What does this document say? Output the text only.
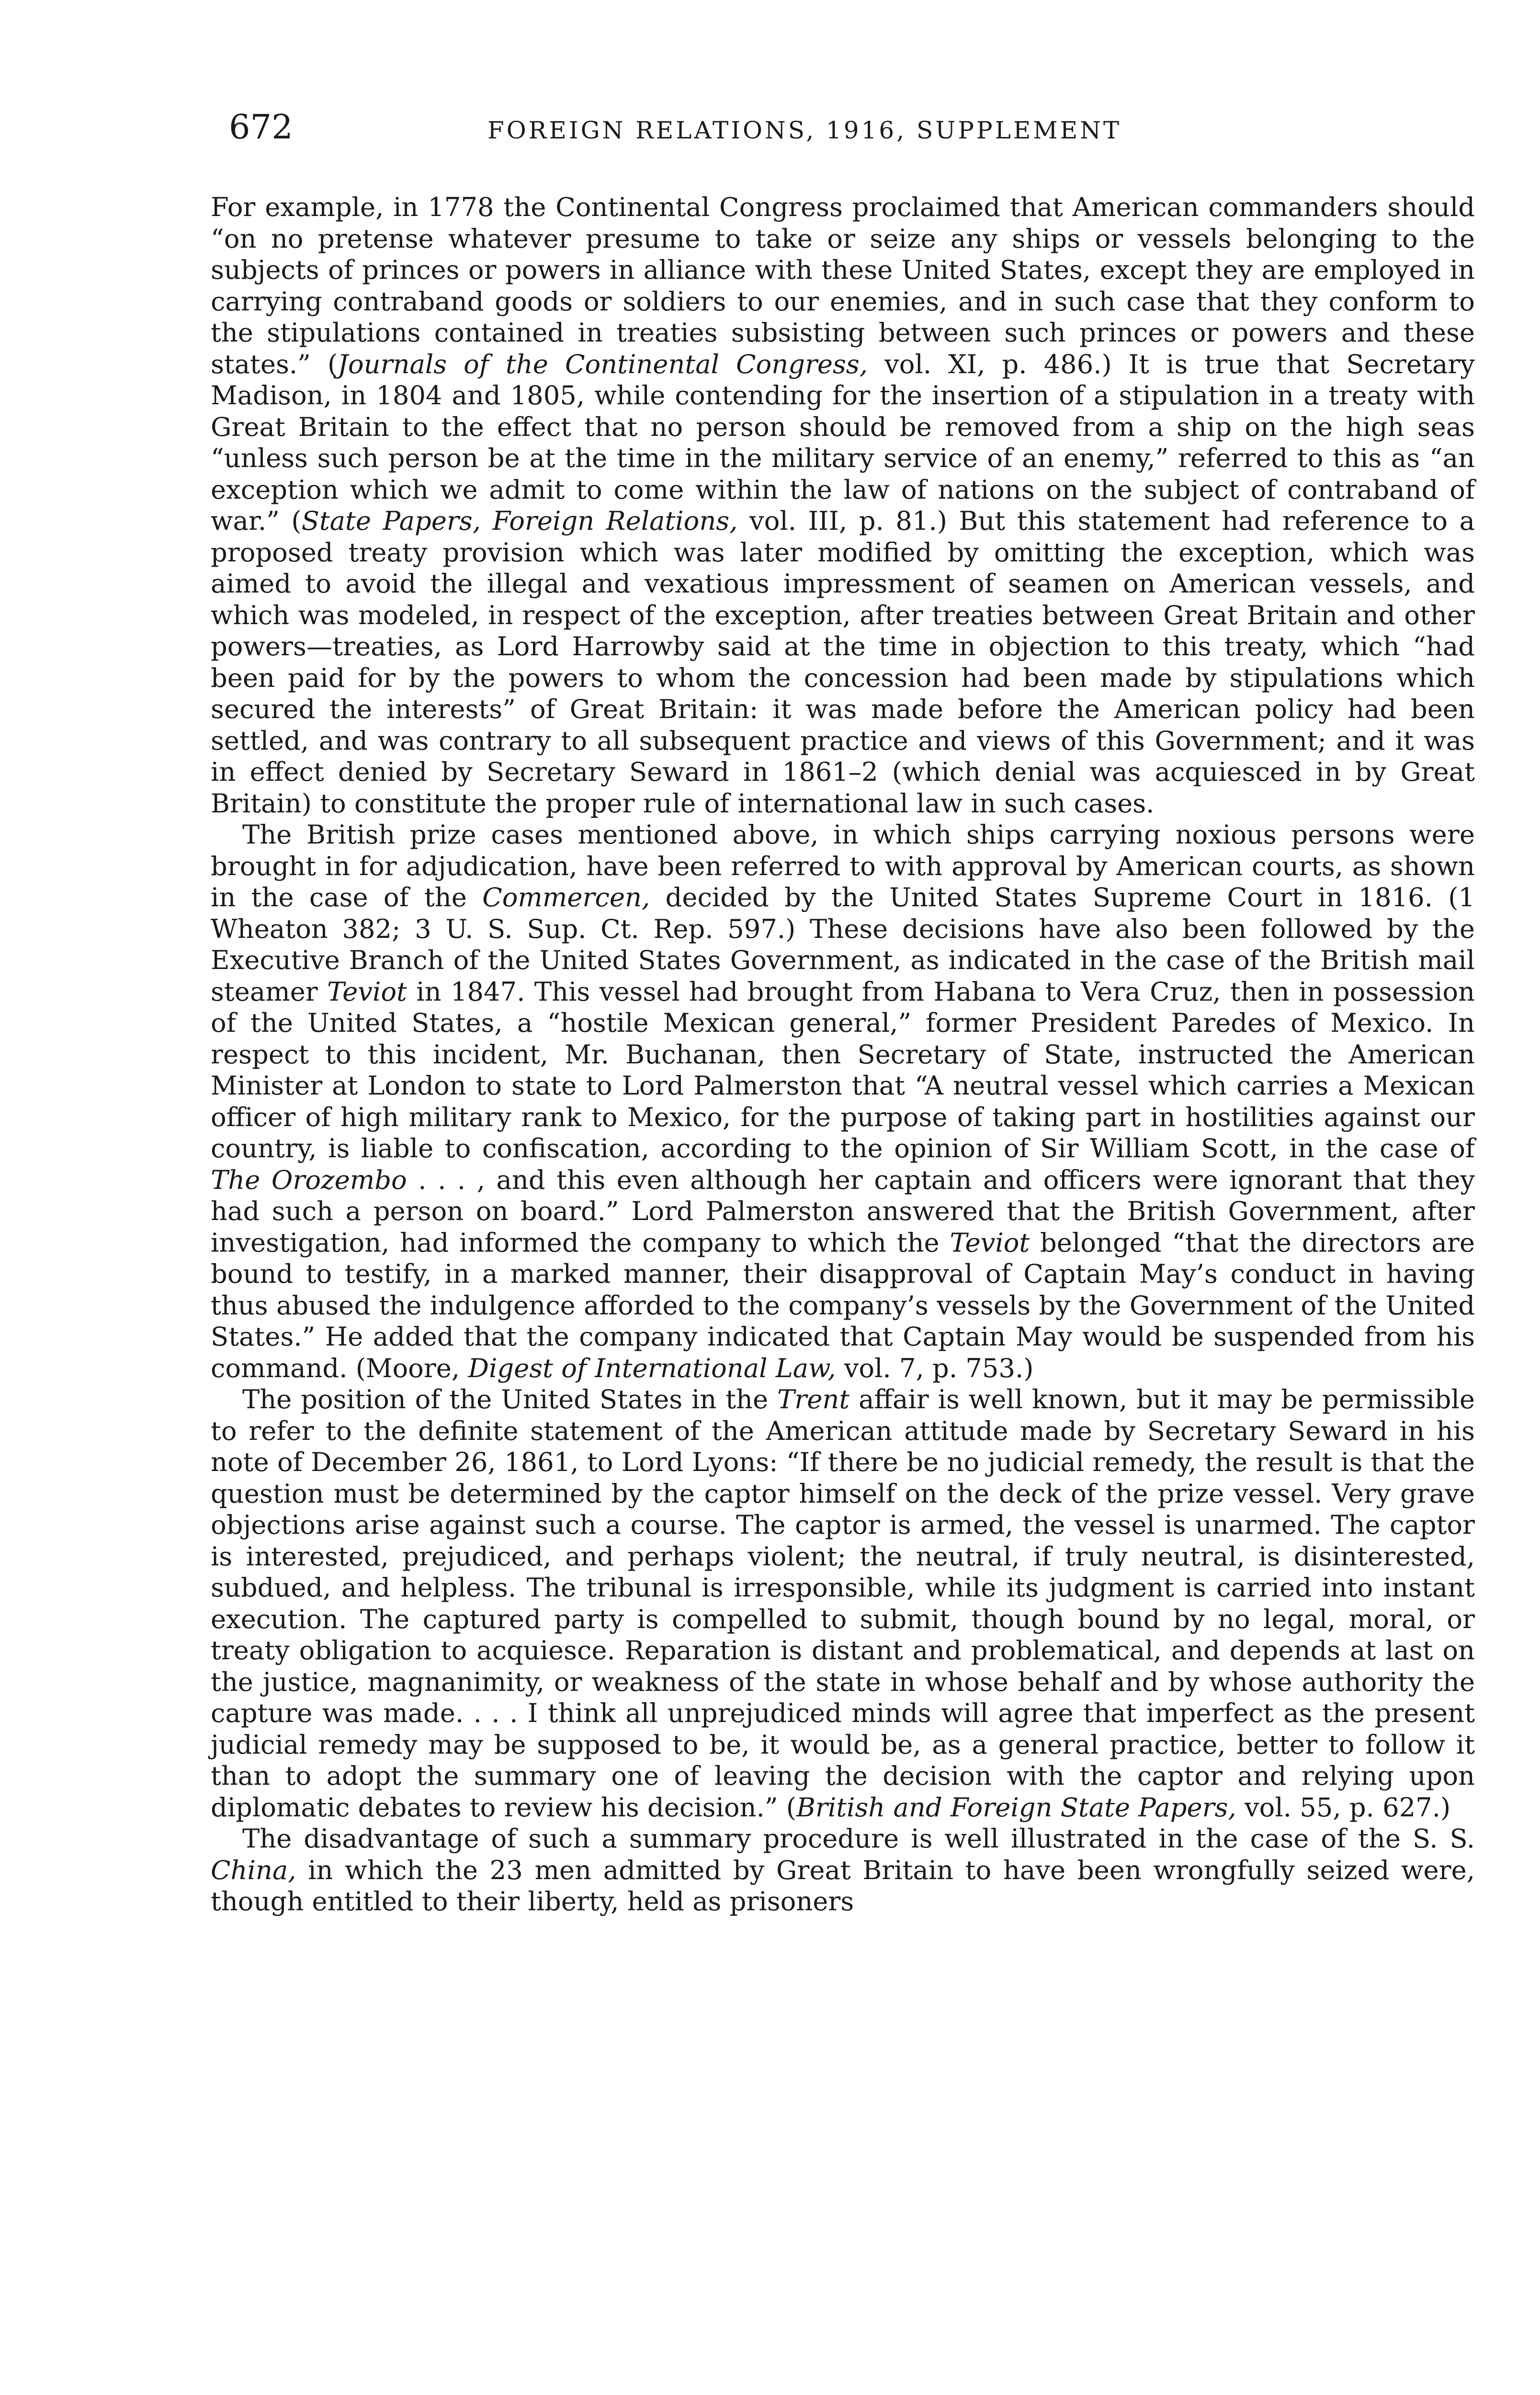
672	FOREIGN RELATIONS, 1916, SUPPLEMENT

For example, in 1778 the Continental Congress proclaimed that American commanders should “on no pretense whatever presume to take or seize any ships or vessels belonging to the subjects of princes or powers in alliance with these United States, except they are employed in carrying contraband goods or soldiers to our enemies, and in such case that they conform to the stipulations contained in treaties subsisting between such princes or powers and these states.” (Journals of the Continental Congress, vol. XI, p. 486.) It is true that Secretary Madison, in 1804 and 1805, while contending for the insertion of a stipulation in a treaty with Great Britain to the effect that no person should be removed from a ship on the high seas “unless such person be at the time in the military service of an enemy,” referred to this as “an exception which we admit to come within the law of nations on the subject of contraband of war.” (State Papers, Foreign Relations, vol. III, p. 81.) But this statement had reference to a proposed treaty provision which was later modified by omitting the exception, which was aimed to avoid the illegal and vexatious impressment of seamen on American vessels, and which was modeled, in respect of the exception, after treaties between Great Britain and other powers—treaties, as Lord Harrowby said at the time in objection to this treaty, which “had been paid for by the powers to whom the concession had been made by stipulations which secured the interests” of Great Britain: it was made before the American policy had been settled, and was contrary to all subsequent practice and views of this Government; and it was in effect denied by Secretary Seward in 1861–2 (which denial was acquiesced in by Great Britain) to constitute the proper rule of international law in such cases.

The British prize cases mentioned above, in which ships carrying noxious persons were brought in for adjudication, have been referred to with approval by American courts, as shown in the case of the Commercen, decided by the United States Supreme Court in 1816. (1 Wheaton 382; 3 U. S. Sup. Ct. Rep. 597.) These decisions have also been followed by the Executive Branch of the United States Government, as indicated in the case of the British mail steamer Teviot in 1847. This vessel had brought from Habana to Vera Cruz, then in possession of the United States, a “hostile Mexican general,” former President Paredes of Mexico. In respect to this incident, Mr. Buchanan, then Secretary of State, instructed the American Minister at London to state to Lord Palmerston that “A neutral vessel which carries a Mexican officer of high military rank to Mexico, for the purpose of taking part in hostilities against our country, is liable to confiscation, according to the opinion of Sir William Scott, in the case of The Orozembo . . . , and this even although her captain and officers were ignorant that they had such a person on board.” Lord Palmerston answered that the British Government, after investigation, had informed the company to which the Teviot belonged “that the directors are bound to testify, in a marked manner, their disapproval of Captain May’s conduct in having thus abused the indulgence afforded to the company’s vessels by the Government of the United States.” He added that the company indicated that Captain May would be suspended from his command. (Moore, Digest of International Law, vol. 7, p. 753.)

The position of the United States in the Trent affair is well known, but it may be permissible to refer to the definite statement of the American attitude made by Secretary Seward in his note of December 26, 1861, to Lord Lyons: “If there be no judicial remedy, the result is that the question must be determined by the captor himself on the deck of the prize vessel. Very grave objections arise against such a course. The captor is armed, the vessel is unarmed. The captor is interested, prejudiced, and perhaps violent; the neutral, if truly neutral, is disinterested, subdued, and helpless. The tribunal is irresponsible, while its judgment is carried into instant execution. The captured party is compelled to submit, though bound by no legal, moral, or treaty obligation to acquiesce. Reparation is distant and problematical, and depends at last on the justice, magnanimity, or weakness of the state in whose behalf and by whose authority the capture was made. . . . I think all unprejudiced minds will agree that imperfect as the present judicial remedy may be supposed to be, it would be, as a general practice, better to follow it than to adopt the summary one of leaving the decision with the captor and relying upon diplomatic debates to review his decision.” (British and Foreign State Papers, vol. 55, p. 627.)

The disadvantage of such a summary procedure is well illustrated in the case of the S. S. China, in which the 23 men admitted by Great Britain to have been wrongfully seized were, though entitled to their liberty, held as prisoners
